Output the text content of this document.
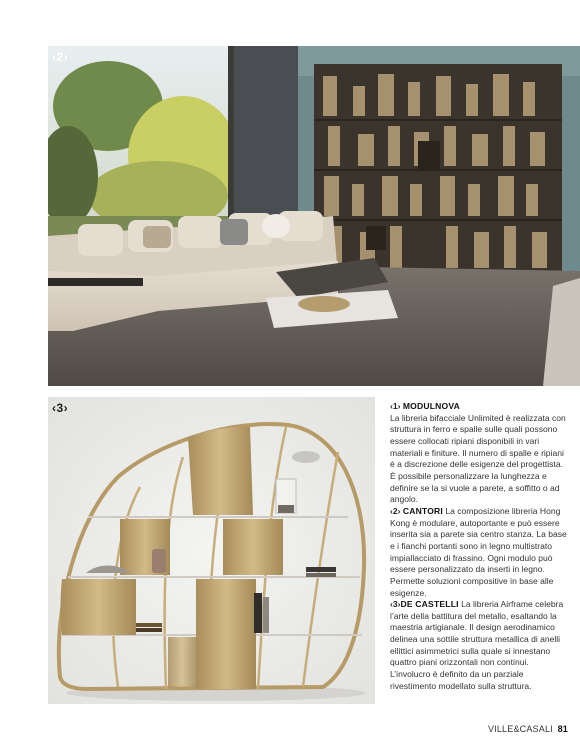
‹2›
‹3›	‹1› MODULNOVA
La libreria bifacciale Unlimited è realizzata con struttura in ferro e spalle sulle quali possono essere collocati ripiani disponibili in vari materiali e finiture. Il numero di spalle e ripiani è a discrezione delle esigenze del progettista. È possibile personalizzare la lunghezza e definire se la si vuole a parete, a soffitto o ad angolo.

‹2› CANTORI La composizione libreria Hong Kong è modulare, autoportante e può essere inserita sia a parete sia centro stanza. La base e i fianchi portanti sono in legno multistrato impiallacciato di frassino. Ogni modulo può essere personalizzato da inserti in legno. Permette soluzioni compositive in base alle esigenze.

‹3›DE CASTELLI La libreria Airframe celebra l’arte della battitura del metallo, esaltando la maestria artigianale. Il design aerodinamico delinea una sottile struttura metallica di anelli ellittici asimmetrici sulla quale si innestano quattro piani orizzontali non continui. L’involucro è definito da un parziale rivestimento modellato sulla struttura.

VILLE&CASALI 81
